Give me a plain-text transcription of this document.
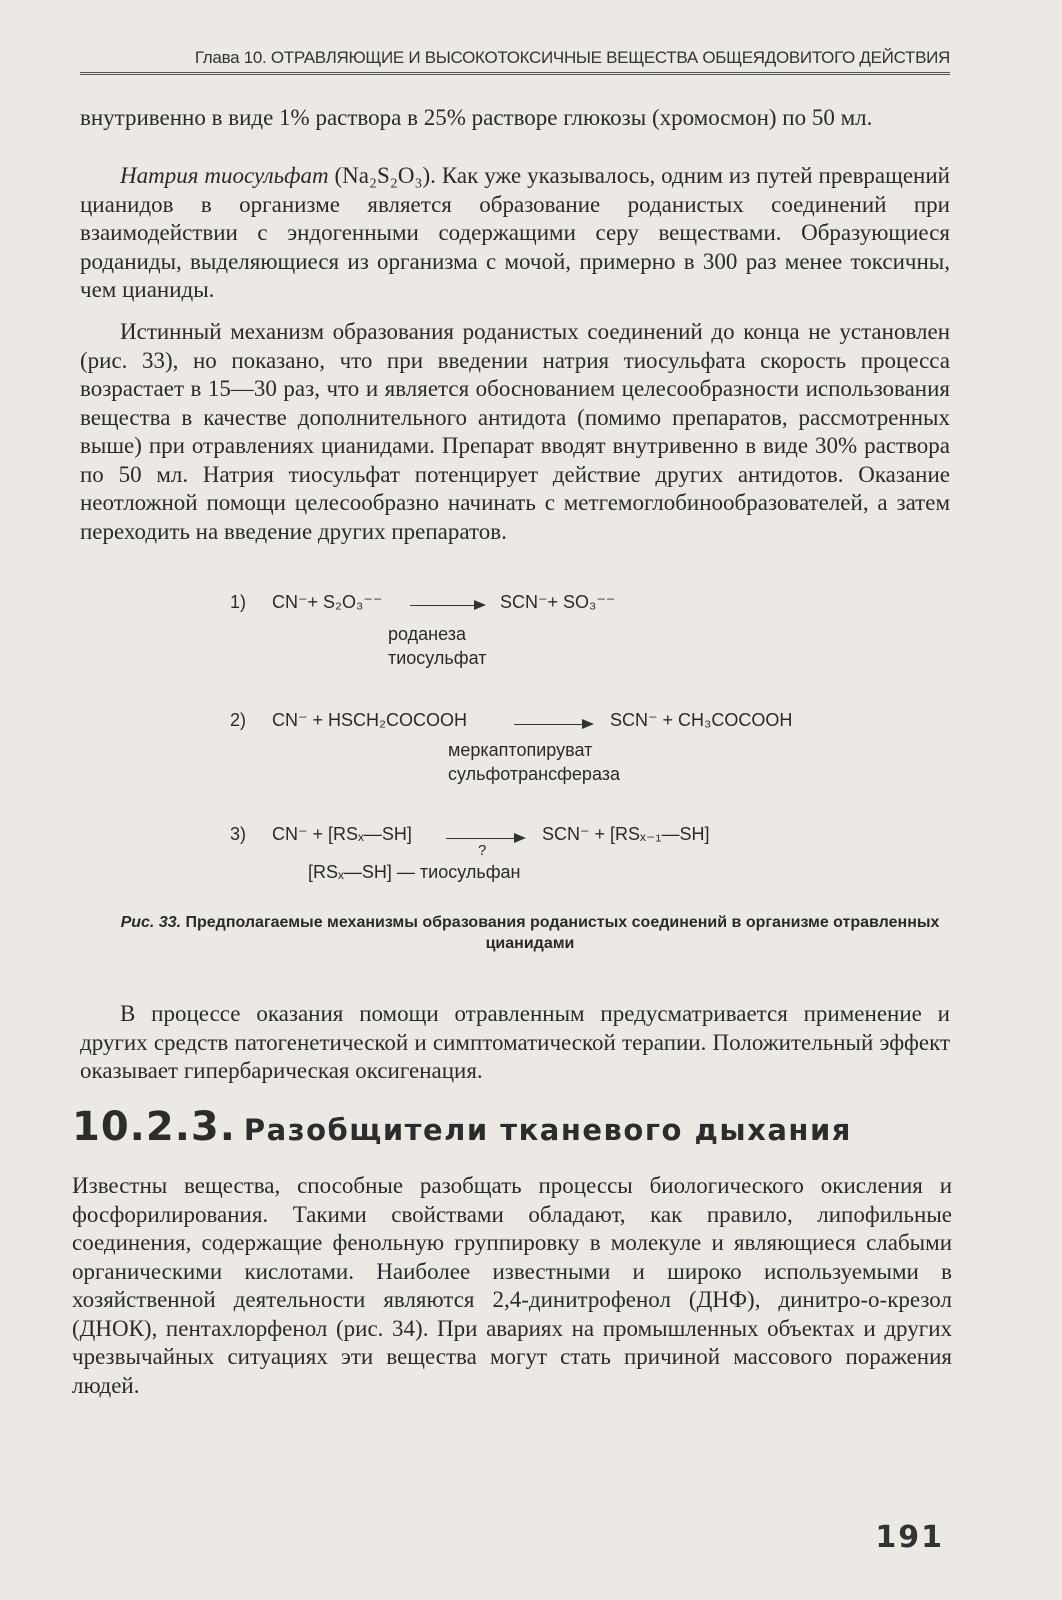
Глава 10. ОТРАВЛЯЮЩИЕ И ВЫСОКОТОКСИЧНЫЕ ВЕЩЕСТВА ОБЩЕЯДОВИТОГО ДЕЙСТВИЯ

внутривенно в виде 1% раствора в 25% растворе глюкозы (хромосмон) по 50 мл.

Натрия тиосульфат (Na₂S₂O₃). Как уже указывалось, одним из путей превращений цианидов в организме является образование роданистых соединений при взаимодействии с эндогенными содержащими серу веществами. Образующиеся роданиды, выделяющиеся из организма с мочой, примерно в 300 раз менее токсичны, чем цианиды.

Истинный механизм образования роданистых соединений до конца не установлен (рис. 33), но показано, что при введении натрия тиосульфата скорость процесса возрастает в 15—30 раз, что и является обоснованием целесообразности использования вещества в качестве дополнительного антидота (помимо препаратов, рассмотренных выше) при отравлениях цианидами. Препарат вводят внутривенно в виде 30% раствора по 50 мл. Натрия тиосульфат потенцирует действие других антидотов. Оказание неотложной помощи целесообразно начинать с метгемоглобинообразователей, а затем переходить на введение других препаратов.

1) CN⁻+ S₂O₃⁻⁻	SCN⁻+ SO₃⁻⁻
роданеза
тиосульфат
2) CN⁻ + HSCH₂COCOOH	SCN⁻ + CH₃COCOOH
меркаптопируват
сульфотрансфераза
3) CN⁻ + [RSₓ—SH]
?
SCN⁻ + [RSₓ₋₁—SH]
[RSₓ—SH] — тиосульфан
Рис. 33. Предполагаемые механизмы образования роданистых соединений в организме отравленных цианидами

В процессе оказания помощи отравленным предусматривается применение и других средств патогенетической и симптоматической терапии. Положительный эффект оказывает гипербарическая оксигенация.

10.2.3. Разобщители тканевого дыхания

Известны вещества, способные разобщать процессы биологического окисления и фосфорилирования. Такими свойствами обладают, как правило, липофильные соединения, содержащие фенольную группировку в молекуле и являющиеся слабыми органическими кислотами. Наиболее известными и широко используемыми в хозяйственной деятельности являются 2,4-динитрофенол (ДНФ), динитро-о-крезол (ДНОК), пентахлорфенол (рис. 34). При авариях на промышленных объектах и других чрезвычайных ситуациях эти вещества могут стать причиной массового поражения людей.

191
